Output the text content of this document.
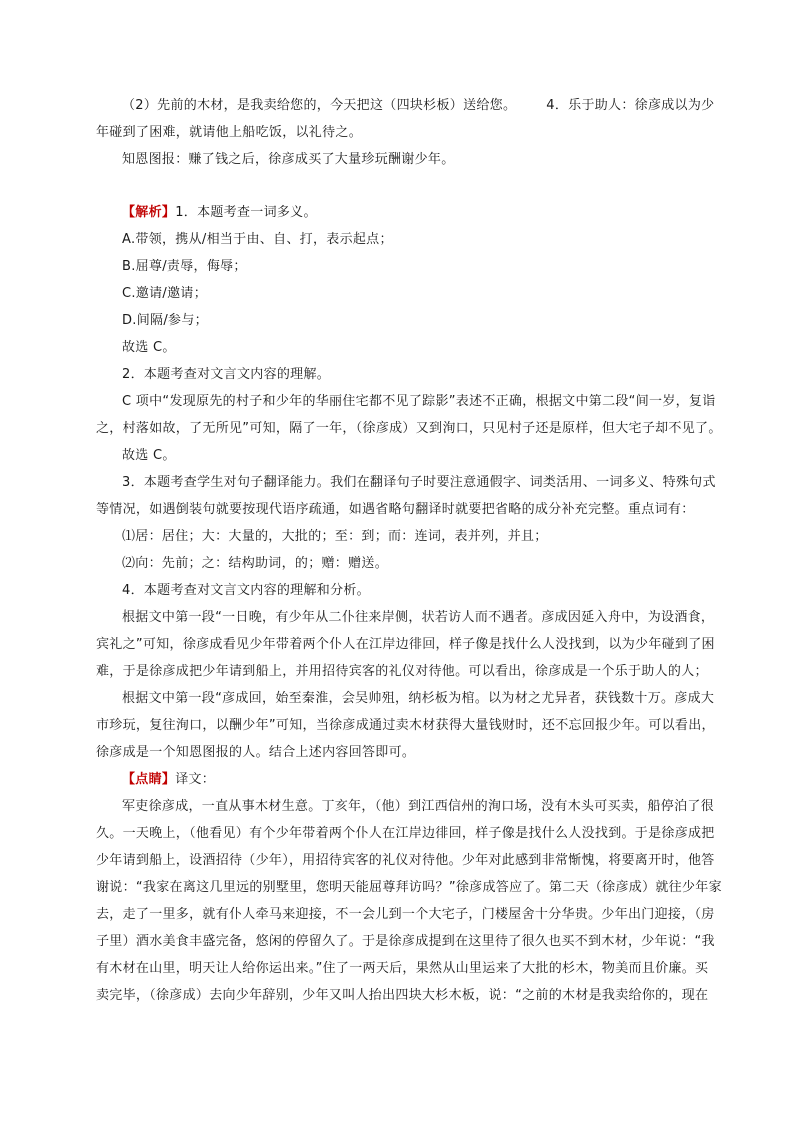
（2）先前的木材，是我卖给您的，今天把这（四块杉板）送给您。 4．乐于助人：徐彦成以为少
年碰到了困难，就请他上船吃饭，以礼待之。
知恩图报：赚了钱之后，徐彦成买了大量珍玩酬谢少年。
【解析】1．本题考查一词多义。
A.带领，携从/相当于由、自、打，表示起点；
B.屈尊/责辱，侮辱；
C.邀请/邀请；
D.间隔/参与；
故选 C。
2．本题考查对文言文内容的理解。
C 项中“发现原先的村子和少年的华丽住宅都不见了踪影”表述不正确，根据文中第二段“间一岁，复诣
之，村落如故，了无所见”可知，隔了一年，（徐彦成）又到洵口，只见村子还是原样，但大宅子却不见了。
故选 C。
3．本题考查学生对句子翻译能力。我们在翻译句子时要注意通假字、词类活用、一词多义、特殊句式
等情况，如遇倒装句就要按现代语序疏通，如遇省略句翻译时就要把省略的成分补充完整。重点词有：
⑴居：居住；大：大量的，大批的；至：到；而：连词，表并列，并且；
⑵向：先前；之：结构助词，的；赠：赠送。
4．本题考查对文言文内容的理解和分析。
根据文中第一段“一日晚，有少年从二仆往来岸侧，状若访人而不遇者。彦成因延入舟中，为设酒食，
宾礼之”可知，徐彦成看见少年带着两个仆人在江岸边徘回，样子像是找什么人没找到，以为少年碰到了困
难，于是徐彦成把少年请到船上，并用招待宾客的礼仪对待他。可以看出，徐彦成是一个乐于助人的人；
根据文中第一段“彦成回，始至秦淮，会吴帅殂，纳杉板为棺。以为材之尤异者，获钱数十万。彦成大
市珍玩，复往洵口，以酬少年”可知，当徐彦成通过卖木材获得大量钱财时，还不忘回报少年。可以看出，
徐彦成是一个知恩图报的人。结合上述内容回答即可。
【点睛】译文：
军吏徐彦成，一直从事木材生意。丁亥年，（他）到江西信州的洵口场，没有木头可买卖，船停泊了很
久。一天晚上，（他看见）有个少年带着两个仆人在江岸边徘回，样子像是找什么人没找到。于是徐彦成把
少年请到船上，设酒招待（少年），用招待宾客的礼仪对待他。少年对此感到非常惭愧，将要离开时，他答
谢说：“我家在离这几里远的别墅里，您明天能屈尊拜访吗？”徐彦成答应了。第二天（徐彦成）就往少年家
去，走了一里多，就有仆人牵马来迎接，不一会儿到一个大宅子，门楼屋舍十分华贵。少年出门迎接，（房
子里）酒水美食丰盛完备，悠闲的停留久了。于是徐彦成提到在这里待了很久也买不到木材，少年说：“我
有木材在山里，明天让人给你运出来。”住了一两天后，果然从山里运来了大批的杉木，物美而且价廉。买
卖完毕，（徐彦成）去向少年辞别，少年又叫人抬出四块大杉木板，说：“之前的木材是我卖给你的，现在
